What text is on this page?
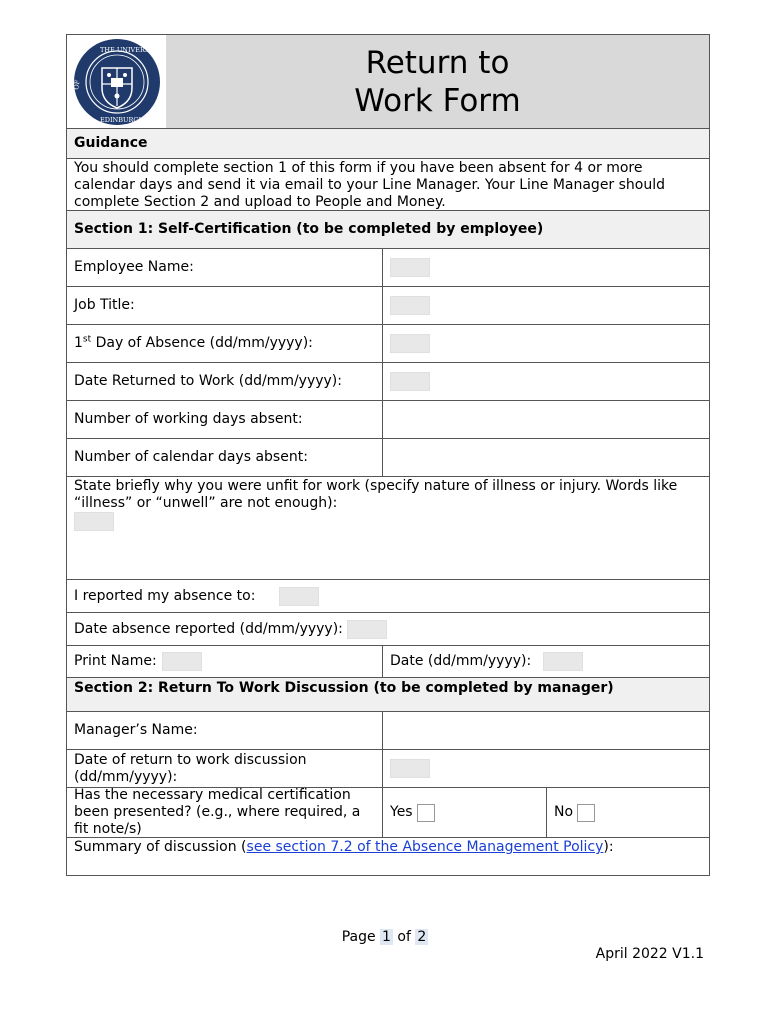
THE UNIVERSITY
OF
EDINBURGH
Return to
Work Form
Guidance
You should complete section 1 of this form if you have been absent for 4 or more calendar days and send it via email to your Line Manager. Your Line Manager should complete Section 2 and upload to People and Money.
Section 1: Self-Certification (to be completed by employee)
Employee Name:
Job Title:
1st Day of Absence (dd/mm/yyyy):
Date Returned to Work (dd/mm/yyyy):
Number of working days absent:
Number of calendar days absent:
State briefly why you were unfit for work (specify nature of illness or injury. Words like “illness” or “unwell” are not enough):
I reported my absence to:
Date absence reported (dd/mm/yyyy):
Print Name:	Date (dd/mm/yyyy):
Section 2: Return To Work Discussion (to be completed by manager)
Manager’s Name:
Date of return to work discussion (dd/mm/yyyy):
Has the necessary medical certification been presented? (e.g., where required, a fit note/s)
Yes	No
Summary of discussion (see section 7.2 of the Absence Management Policy):
Page 1 of 2
April 2022 V1.1
